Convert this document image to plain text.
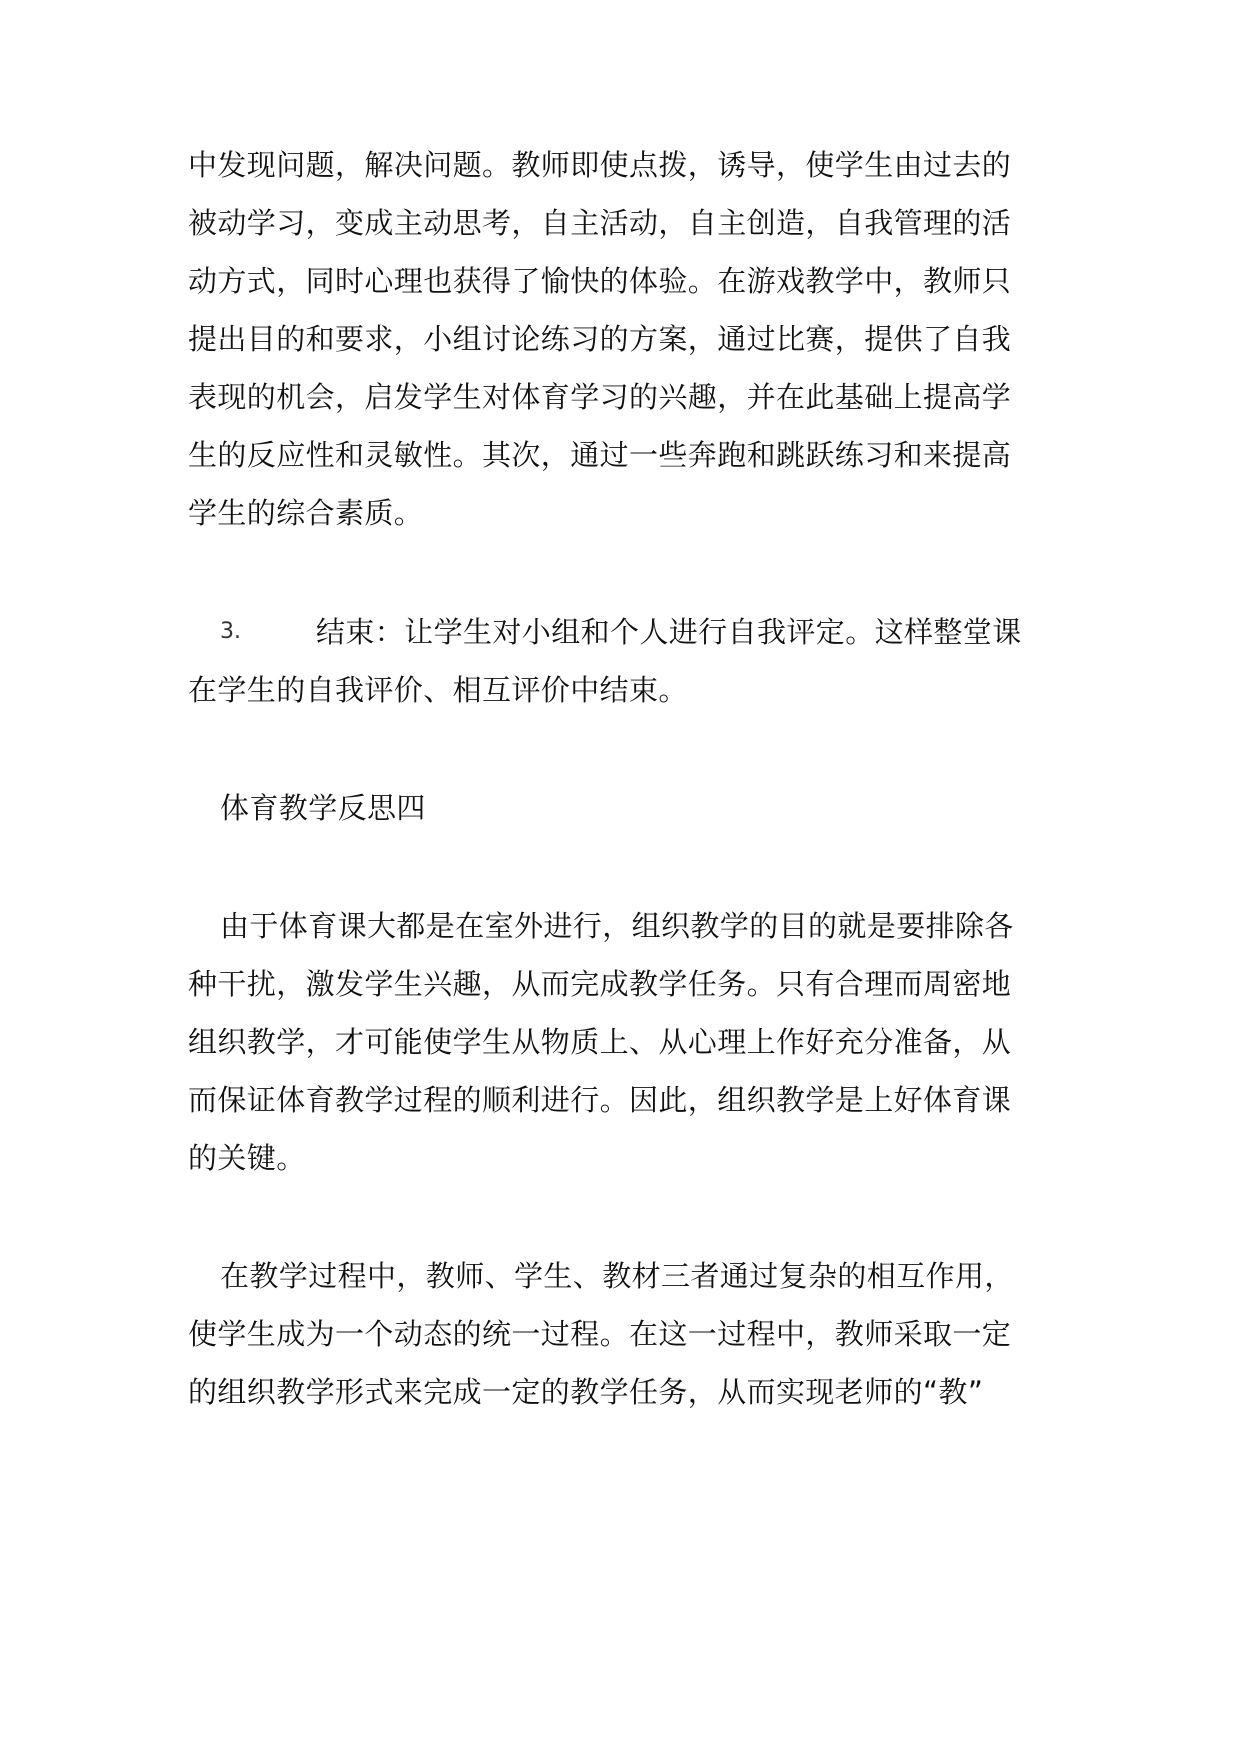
中发现问题，解决问题。教师即使点拨，诱导，使学生由过去的
被动学习，变成主动思考，自主活动，自主创造，自我管理的活
动方式，同时心理也获得了愉快的体验。在游戏教学中，教师只
提出目的和要求，小组讨论练习的方案，通过比赛，提供了自我
表现的机会，启发学生对体育学习的兴趣，并在此基础上提高学
生的反应性和灵敏性。其次，通过一些奔跑和跳跃练习和来提高
学生的综合素质。
3.	结束：让学生对小组和个人进行自我评定。这样整堂课
在学生的自我评价、相互评价中结束。
体育教学反思四
由于体育课大都是在室外进行，组织教学的目的就是要排除各
种干扰，激发学生兴趣，从而完成教学任务。只有合理而周密地
组织教学，才可能使学生从物质上、从心理上作好充分准备，从
而保证体育教学过程的顺利进行。因此，组织教学是上好体育课
的关键。
在教学过程中，教师、学生、教材三者通过复杂的相互作用，
使学生成为一个动态的统一过程。在这一过程中，教师采取一定
的组织教学形式来完成一定的教学任务，从而实现老师的“教”
